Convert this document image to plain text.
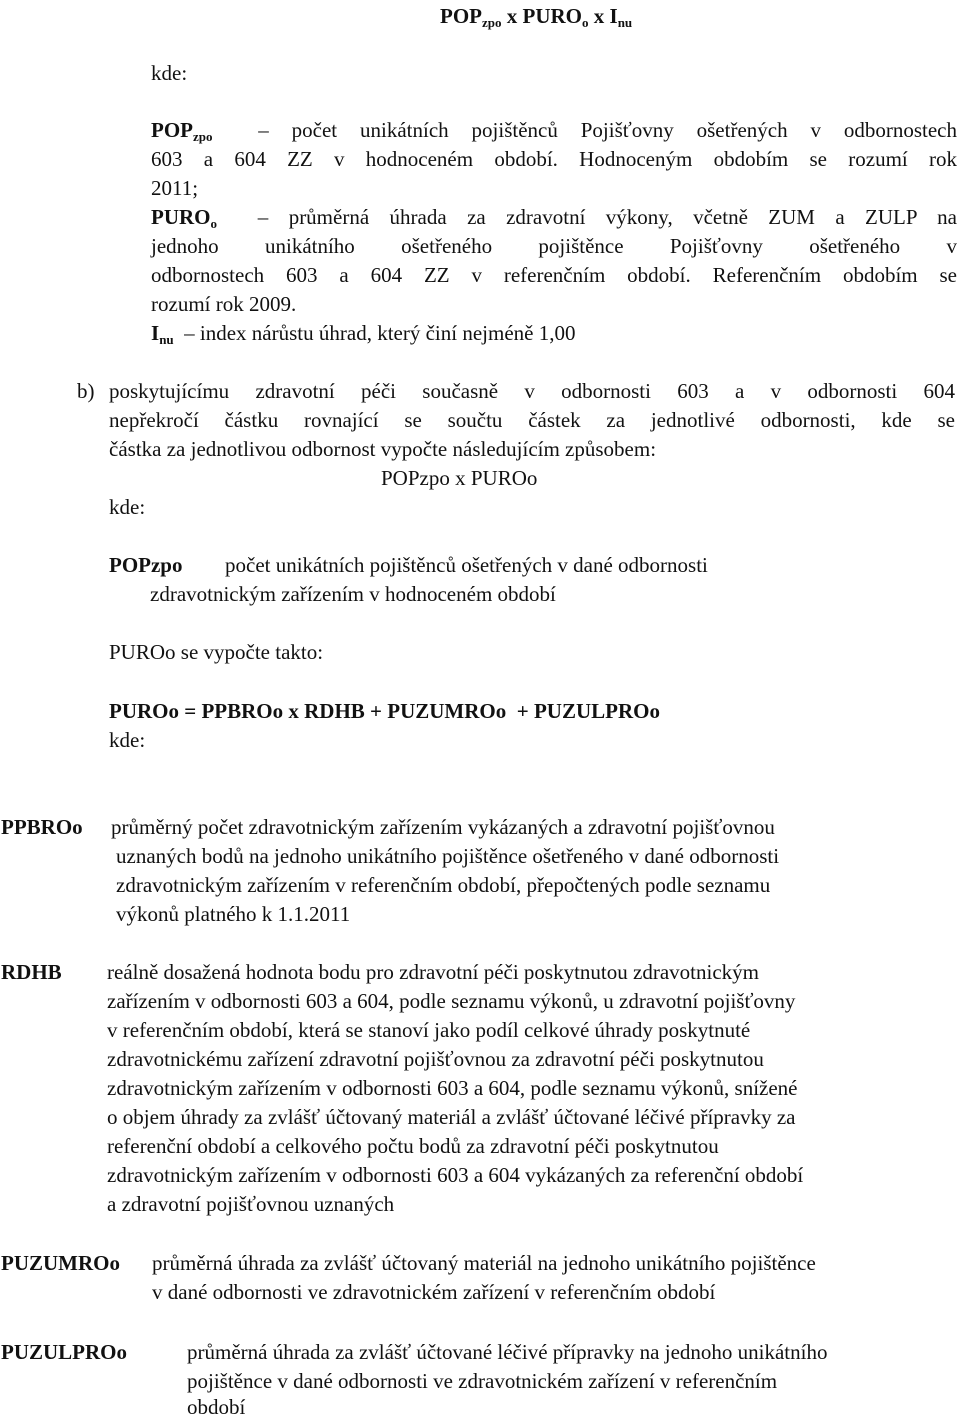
$POP_{zpo}$ x $PURO_o$ x $I_{nu}$
kde:
$POP_{zpo}$ – počet unikátních pojištěnců Pojišťovny ošetřených v odbornostech
603 a 604 ZZ v hodnoceném období. Hodnoceným obdobím se rozumí rok
2011;
$PURO_o$ – průměrná úhrada za zdravotní výkony, včetně ZUM a ZULP na
jednoho unikátního ošetřeného pojištěnce Pojišťovny ošetřeného v
odbornostech 603 a 604 ZZ v referenčním období. Referenčním obdobím se
rozumí rok 2009.
$I_{nu}$ – index nárůstu úhrad, který činí nejméně 1,00
b) poskytujícímu zdravotní péči současně v odbornosti 603 a v odbornosti 604
nepřekročí částku rovnající se součtu částek za jednotlivé odbornosti, kde se
částka za jednotlivou odbornost vypočte následujícím způsobem:
POPzpo x PUROo
kde:
POPzpo počet unikátních pojištěnců ošetřených v dané odbornosti
zdravotnickým zařízením v hodnoceném období
PUROo se vypočte takto:
PUROo = PPBROo x RDHB + PUZUMROo  + PUZULPROo
kde:
PPBROo průměrný počet zdravotnickým zařízením vykázaných a zdravotní pojišťovnou
uznaných bodů na jednoho unikátního pojištěnce ošetřeného v dané odbornosti
zdravotnickým zařízením v referenčním období, přepočtených podle seznamu
výkonů platného k 1.1.2011
RDHB reálně dosažená hodnota bodu pro zdravotní péči poskytnutou zdravotnickým
zařízením v odbornosti 603 a 604, podle seznamu výkonů, u zdravotní pojišťovny
v referenčním období, která se stanoví jako podíl celkové úhrady poskytnuté
zdravotnickému zařízení zdravotní pojišťovnou za zdravotní péči poskytnutou
zdravotnickým zařízením v odbornosti 603 a 604, podle seznamu výkonů, snížené
o objem úhrady za zvlášť účtovaný materiál a zvlášť účtované léčivé přípravky za
referenční období a celkového počtu bodů za zdravotní péči poskytnutou
zdravotnickým zařízením v odbornosti 603 a 604 vykázaných za referenční období
a zdravotní pojišťovnou uznaných
PUZUMROo průměrná úhrada za zvlášť účtovaný materiál na jednoho unikátního pojištěnce
v dané odbornosti ve zdravotnickém zařízení v referenčním období
PUZULPROo	průměrná úhrada za zvlášť účtované léčivé přípravky na jednoho unikátního
pojištěnce v dané odbornosti ve zdravotnickém zařízení v referenčním
období
